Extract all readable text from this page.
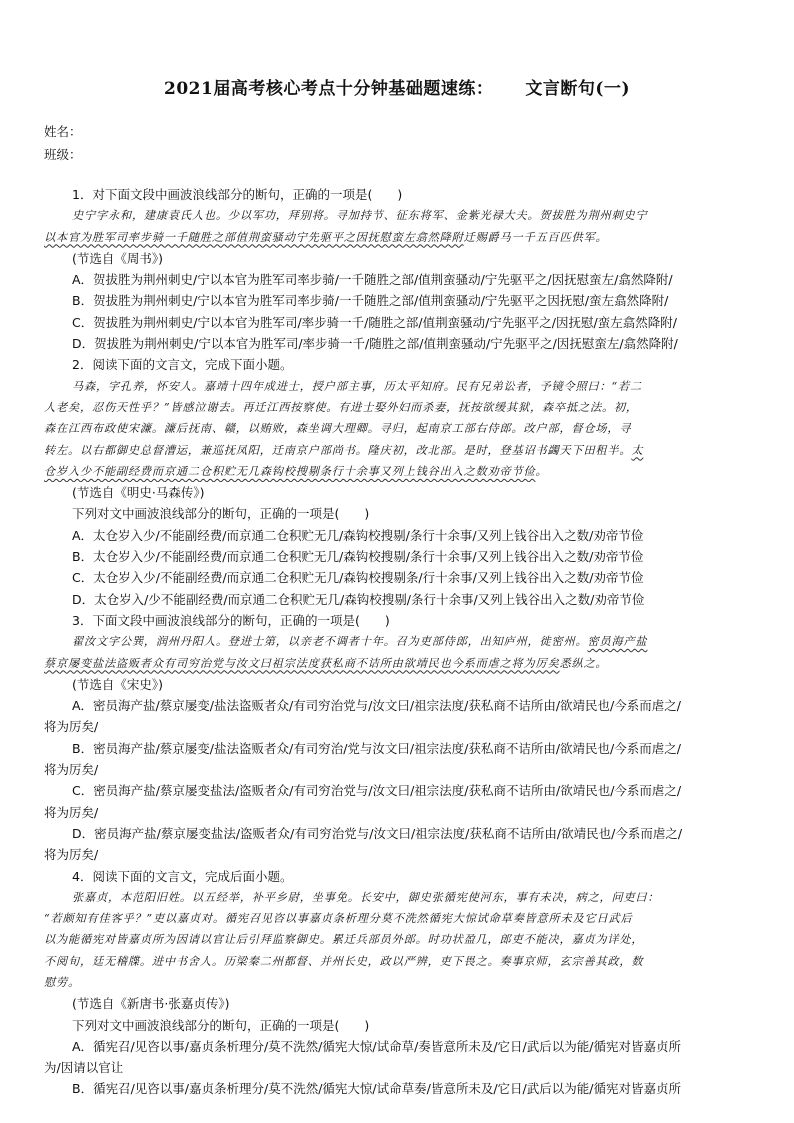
2021届高考核心考点十分钟基础题速练：     文言断句(一)
姓名：
班级：
1．对下面文段中画波浪线部分的断句，正确的一项是(　　)
史宁字永和，建康袁氏人也。少以军功，拜别将。寻加持节、征东将军、金紫光禄大夫。贺拔胜为荆州刺史宁
以本官为胜军司率步骑一千随胜之部值荆蛮骚动宁先驱平之因抚慰蛮左翕然降附迁赐爵马一千五百匹供军。
(节选自《周书》)
A．贺拔胜为荆州刺史/宁以本官为胜军司率步骑/一千随胜之部/值荆蛮骚动/宁先驱平之/因抚慰蛮左/翕然降附/
B．贺拔胜为荆州刺史/宁以本官为胜军司率步骑/一千随胜之部/值荆蛮骚动/宁先驱平之因抚慰/蛮左翕然降附/
C．贺拔胜为荆州刺史/宁以本官为胜军司/率步骑一千/随胜之部/值荆蛮骚动/宁先驱平之/因抚慰/蛮左翕然降附/
D．贺拔胜为荆州刺史/宁以本官为胜军司/率步骑一千/随胜之部/值荆蛮骚动/宁先驱平之/因抚慰蛮左/翕然降附/
2．阅读下面的文言文，完成下面小题。
马森，字孔养，怀安人。嘉靖十四年成进士，授户部主事，历太平知府。民有兄弟讼者，予镜令照曰：“若二
人老矣，忍伤天性乎？”皆感泣谢去。再迁江西按察使。有进士娶外妇而杀妻，抚按欲缓其狱，森卒抵之法。初，
森在江西布政使宋濂。濂后抚南、赣，以贿败，森坐调大理卿。寻归，起南京工部右侍郎。改户部，督仓场，寻
转左。以右都御史总督漕运，兼巡抚凤阳，迁南京户部尚书。隆庆初，改北部。是时，登基诏书蠲天下田租半。太
仓岁入少不能副经费而京通二仓积贮无几森钩校搜剔条行十余事又列上钱谷出入之数劝帝节俭。
(节选自《明史·马森传》)
下列对文中画波浪线部分的断句，正确的一项是(　　)
A．太仓岁入少/不能副经费/而京通二仓积贮无几/森钩校搜剔/条行十余事/又列上钱谷出入之数/劝帝节俭
B．太仓岁入少/不能副经费/而京通二仓积贮无几/森钩校搜剔/条行十余事/又列上钱谷出入之数/劝帝节俭
C．太仓岁入少/不能副经费/而京通二仓积贮无几/森钩校搜剔条/行十余事/又列上钱谷出入之数/劝帝节俭
D．太仓岁入/少不能副经费/而京通二仓积贮无几/森钩校搜剔/条行十余事/又列上钱谷出入之数/劝帝节俭
3．下面文段中画波浪线部分的断句，正确的一项是(　　)
翟汝文字公巽，润州丹阳人。登进士第，以亲老不调者十年。召为吏部侍郎，出知庐州，徙密州。密员海产盐
蔡京屡变盐法盗贩者众有司穷治党与汝文曰祖宗法度获私商不诘所由欲靖民也今系而虐之将为厉矣悉纵之。
(节选自《宋史》)
A．密员海产盐/蔡京屡变/盐法盗贩者众/有司穷治党与/汝文曰/祖宗法度/获私商不诘所由/欲靖民也/今系而虐之/
将为厉矣/
B．密员海产盐/蔡京屡变/盐法盗贩者众/有司穷治/党与汝文曰/祖宗法度/获私商不诘所由/欲靖民也/今系而虐之/
将为厉矣/
C．密员海产盐/蔡京屡变盐法/盗贩者众/有司穷治党与/汝文曰/祖宗法度/获私商不诘所由/欲靖民也/今系而虐之/
将为厉矣/
D．密员海产盐/蔡京屡变盐法/盗贩者众/有司穷治党与/汝文曰/祖宗法度/获私商不诘所由/欲靖民也/今系而虐之/
将为厉矣/
4．阅读下面的文言文，完成后面小题。
张嘉贞，本范阳旧姓。以五经举，补平乡尉，坐事免。长安中，御史张循宪使河东，事有未决，病之，问吏曰：
“若颇知有佳客乎？”吏以嘉贞对。循宪召见咨以事嘉贞条析理分莫不洗然循宪大惊试命草奏皆意所未及它日武后
以为能循宪对皆嘉贞所为因请以官让后引拜监察御史。累迁兵部员外郎。时功状盈几，郎吏不能决，嘉贞为详处，
不阅旬，廷无稽牒。进中书舍人。历梁秦二州都督、并州长史，政以严辨，吏下畏之。奏事京师，玄宗善其政，数
慰劳。
(节选自《新唐书·张嘉贞传》)
下列对文中画波浪线部分的断句，正确的一项是(　　)
A．循宪召/见咨以事/嘉贞条析理分/莫不洗然/循宪大惊/试命草/奏皆意所未及/它日/武后以为能/循宪对皆嘉贞所
为/因请以官让
B．循宪召/见咨以事/嘉贞条析理分/莫不洗然/循宪大惊/试命草奏/皆意所未及/它日/武后以为能/循宪对皆嘉贞所
